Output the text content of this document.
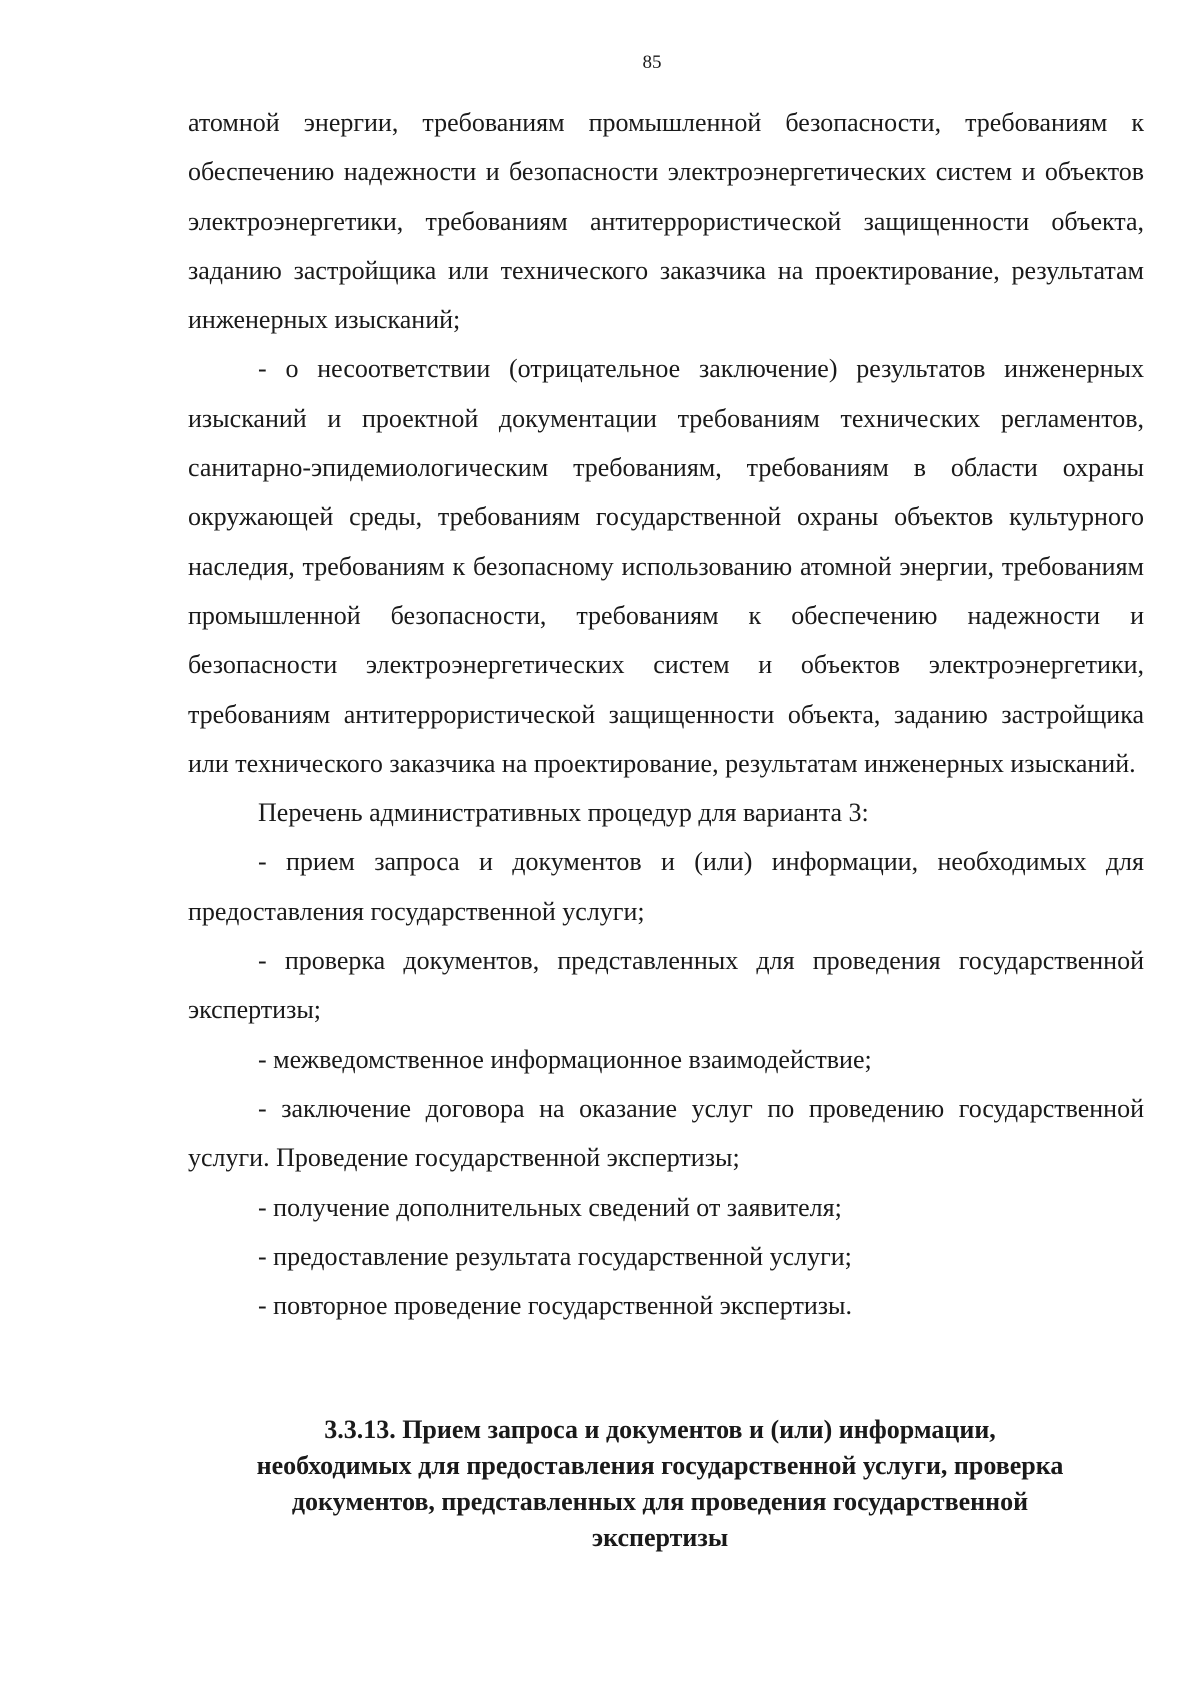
85

атомной энергии, требованиям промышленной безопасности, требованиям к обеспечению надежности и безопасности электроэнергетических систем и объектов электроэнергетики, требованиям антитеррористической защищенности объекта, заданию застройщика или технического заказчика на проектирование, результатам инженерных изысканий;

- о несоответствии (отрицательное заключение) результатов инженерных изысканий и проектной документации требованиям технических регламентов, санитарно-эпидемиологическим требованиям, требованиям в области охраны окружающей среды, требованиям государственной охраны объектов культурного наследия, требованиям к безопасному использованию атомной энергии, требованиям промышленной безопасности, требованиям к обеспечению надежности и безопасности электроэнергетических систем и объектов электроэнергетики, требованиям антитеррористической защищенности объекта, заданию застройщика или технического заказчика на проектирование, результатам инженерных изысканий.

Перечень административных процедур для варианта 3:

- прием запроса и документов и (или) информации, необходимых для предоставления государственной услуги;

- проверка документов, представленных для проведения государственной экспертизы;

- межведомственное информационное взаимодействие;

- заключение договора на оказание услуг по проведению государственной услуги. Проведение государственной экспертизы;

- получение дополнительных сведений от заявителя;

- предоставление результата государственной услуги;

- повторное проведение государственной экспертизы.

3.3.13. Прием запроса и документов и (или) информации,

необходимых для предоставления государственной услуги, проверка

документов, представленных для проведения государственной

экспертизы
